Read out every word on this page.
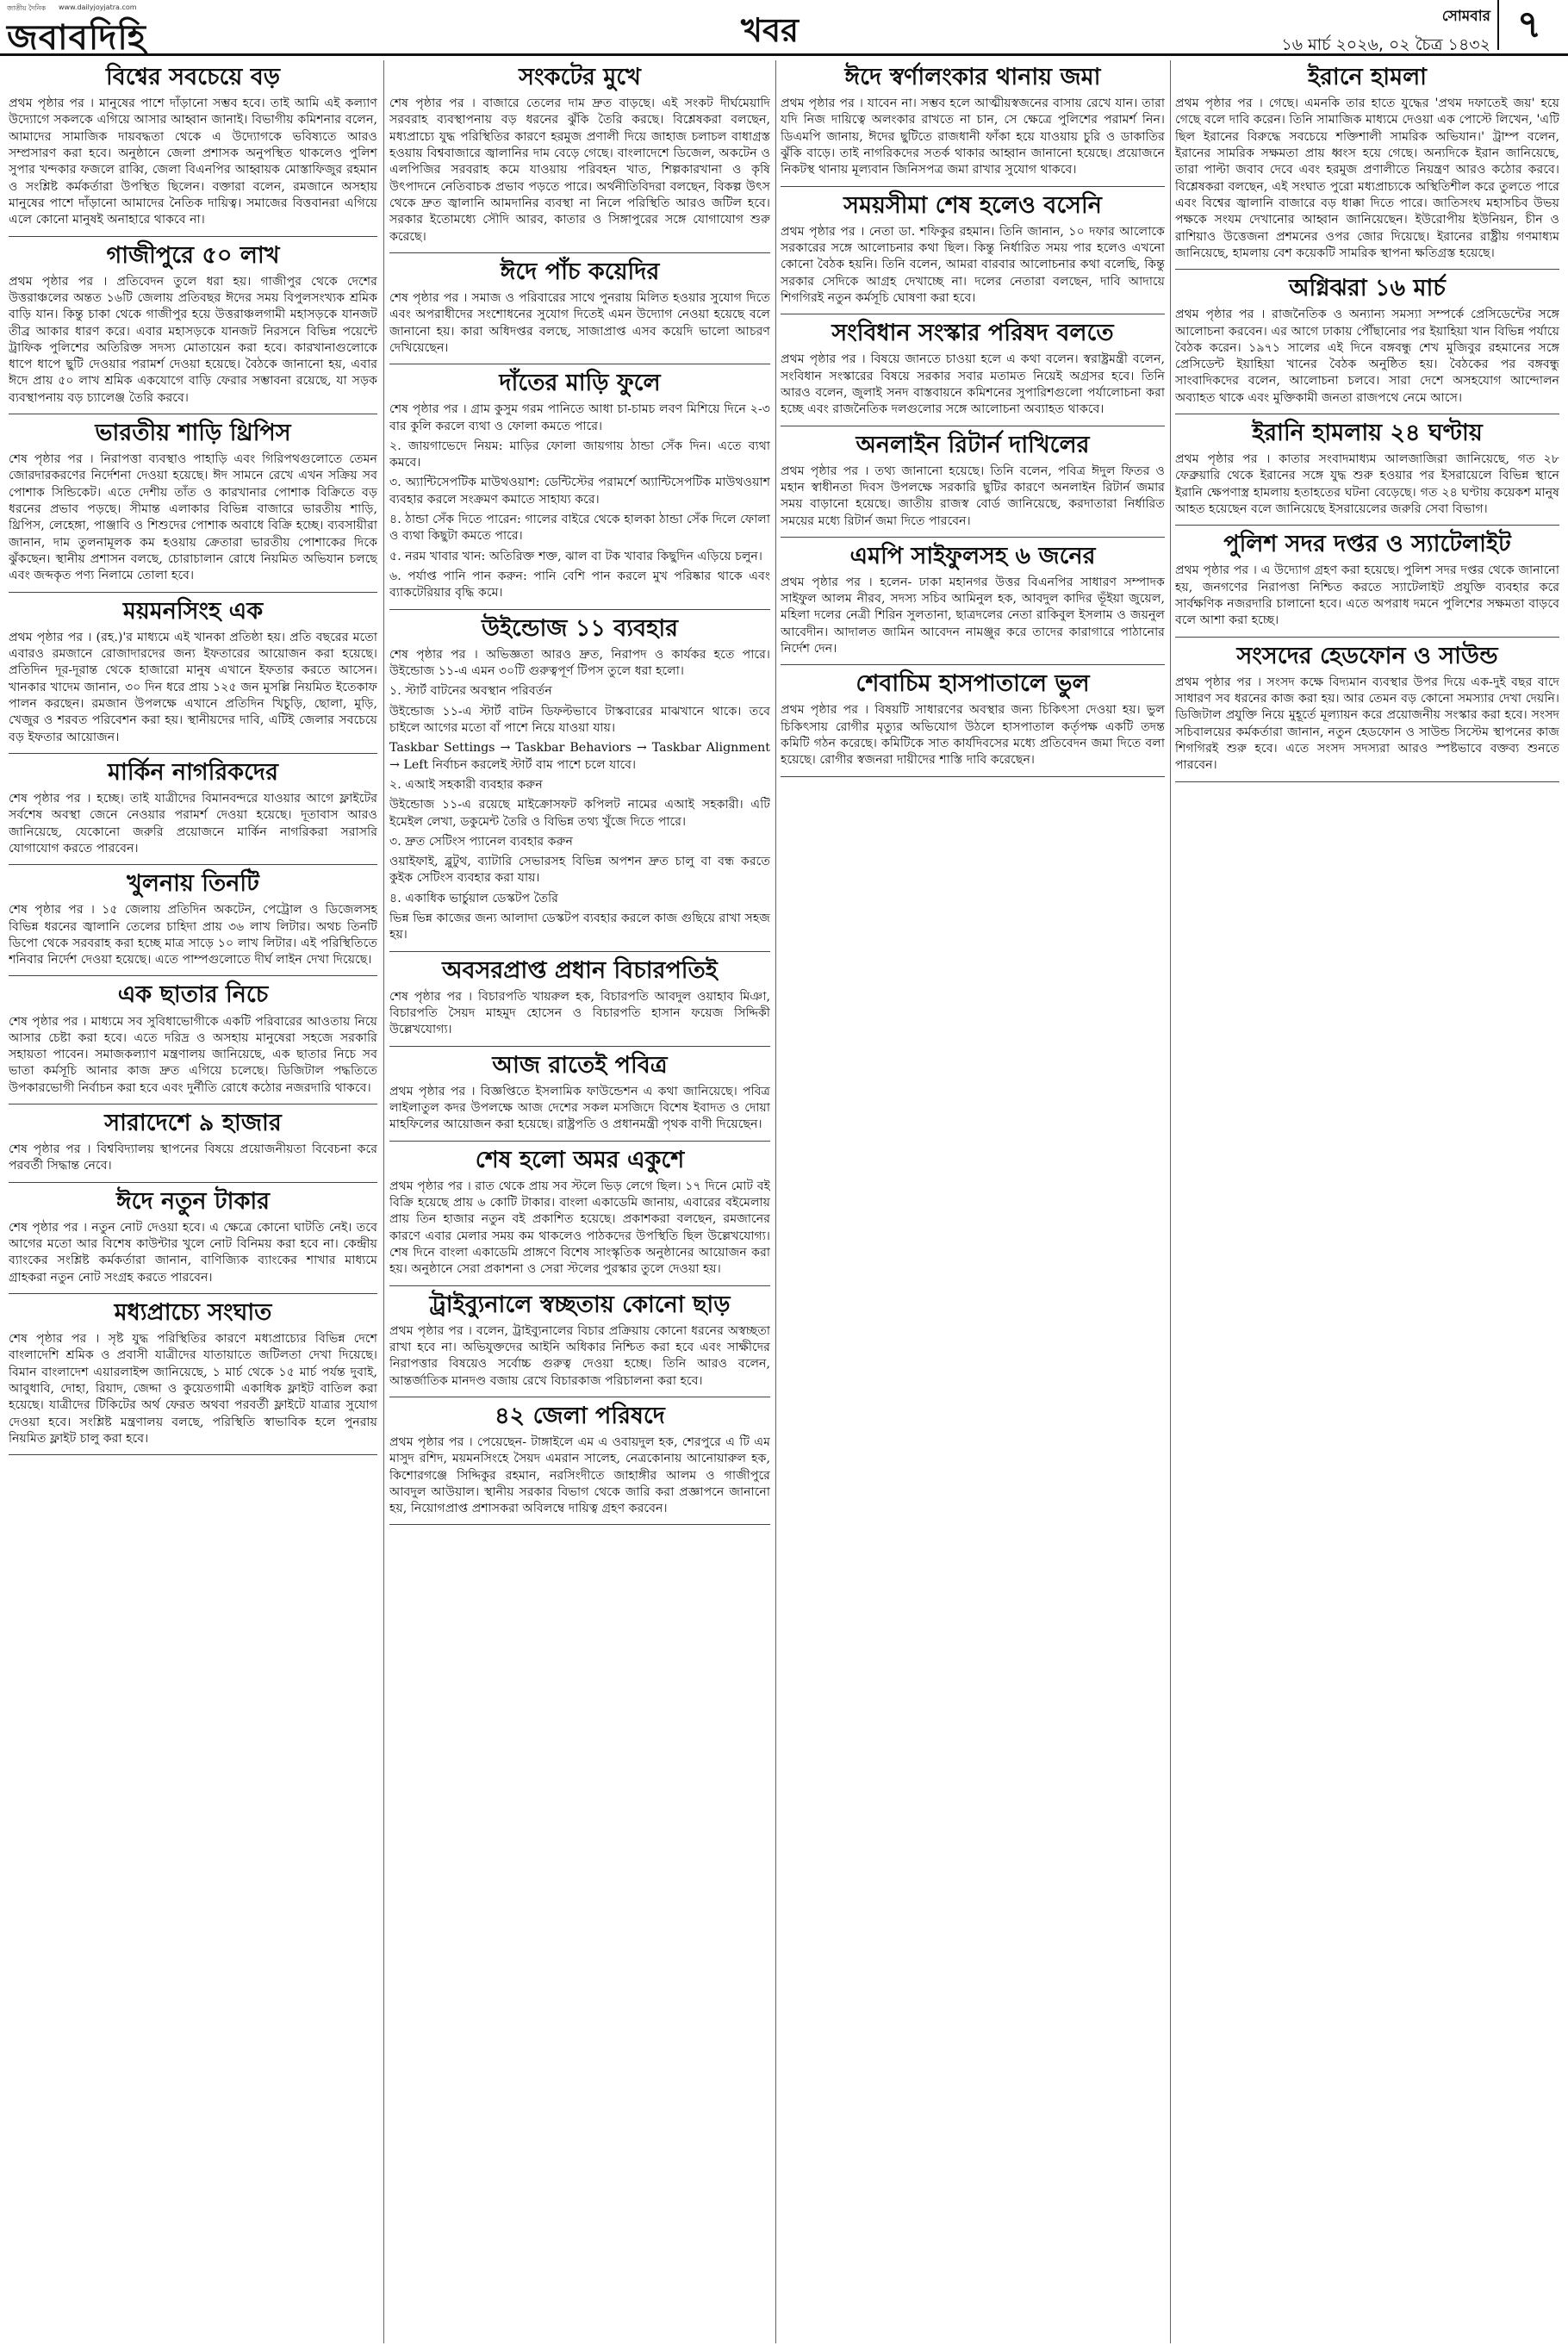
জাতীয় দৈনিক www.dailyjoyjatra.com
জবাবদিহি	খবর	সোমবার
১৬ মার্চ ২০২৬, ০২ চৈত্র ১৪৩২ ৭
বিশ্বের সবচেয়ে বড়

প্রথম পৃষ্ঠার পর । মানুষের পাশে দাঁড়ানো সম্ভব হবে। তাই আমি এই কল্যাণ উদ্যোগে সকলকে এগিয়ে আসার আহ্বান জানাই। বিভাগীয় কমিশনার বলেন, আমাদের সামাজিক দায়বদ্ধতা থেকে এ উদ্যোগকে ভবিষ্যতে আরও সম্প্রসারণ করা হবে। অনুষ্ঠানে জেলা প্রশাসক অনুপস্থিত থাকলেও পুলিশ সুপার খন্দকার ফজলে রাব্বি, জেলা বিএনপির আহ্বায়ক মোস্তাফিজুর রহমান ও সংশ্লিষ্ট কর্মকর্তারা উপস্থিত ছিলেন। বক্তারা বলেন, রমজানে অসহায় মানুষের পাশে দাঁড়ানো আমাদের নৈতিক দায়িত্ব। সমাজের বিত্তবানরা এগিয়ে এলে কোনো মানুষই অনাহারে থাকবে না।

গাজীপুরে ৫০ লাখ

প্রথম পৃষ্ঠার পর । প্রতিবেদন তুলে ধরা হয়। গাজীপুর থেকে দেশের উত্তরাঞ্চলের অন্তত ১৬টি জেলায় প্রতিবছর ঈদের সময় বিপুলসংখ্যক শ্রমিক বাড়ি যান। কিন্তু চাকা থেকে গাজীপুর হয়ে উত্তরাঞ্চলগামী মহাসড়কে যানজট তীব্র আকার ধারণ করে। এবার মহাসড়কে যানজট নিরসনে বিভিন্ন পয়েন্টে ট্রাফিক পুলিশের অতিরিক্ত সদস্য মোতায়েন করা হবে। কারখানাগুলোকে ধাপে ধাপে ছুটি দেওয়ার পরামর্শ দেওয়া হয়েছে। বৈঠকে জানানো হয়, এবার ঈদে প্রায় ৫০ লাখ শ্রমিক একযোগে বাড়ি ফেরার সম্ভাবনা রয়েছে, যা সড়ক ব্যবস্থাপনায় বড় চ্যালেঞ্জ তৈরি করবে।

ভারতীয় শাড়ি থ্রিপিস

শেষ পৃষ্ঠার পর । নিরাপত্তা ব্যবস্থাও পাহাড়ি এবং গিরিপথগুলোতে তেমন জোরদারকরণের নির্দেশনা দেওয়া হয়েছে। ঈদ সামনে রেখে এখন সক্রিয় সব পোশাক সিন্ডিকেট। এতে দেশীয় তাঁত ও কারখানার পোশাক বিক্রিতে বড় ধরনের প্রভাব পড়ছে। সীমান্ত এলাকার বিভিন্ন বাজারে ভারতীয় শাড়ি, থ্রিপিস, লেহেঙ্গা, পাঞ্জাবি ও শিশুদের পোশাক অবাধে বিক্রি হচ্ছে। ব্যবসায়ীরা জানান, দাম তুলনামূলক কম হওয়ায় ক্রেতারা ভারতীয় পোশাকের দিকে ঝুঁকছেন। স্থানীয় প্রশাসন বলছে, চোরাচালান রোধে নিয়মিত অভিযান চলছে এবং জব্দকৃত পণ্য নিলামে তোলা হবে।

ময়মনসিংহ এক

প্রথম পৃষ্ঠার পর । (রহ.)'র মাধ্যমে এই খানকা প্রতিষ্ঠা হয়। প্রতি বছরের মতো এবারও রমজানে রোজাদারদের জন্য ইফতারের আয়োজন করা হয়েছে। প্রতিদিন দূর-দূরান্ত থেকে হাজারো মানুষ এখানে ইফতার করতে আসেন। খানকার খাদেম জানান, ৩০ দিন ধরে প্রায় ১২৫ জন মুসল্লি নিয়মিত ইতেকাফ পালন করছেন। রমজান উপলক্ষে এখানে প্রতিদিন খিচুড়ি, ছোলা, মুড়ি, খেজুর ও শরবত পরিবেশন করা হয়। স্থানীয়দের দাবি, এটিই জেলার সবচেয়ে বড় ইফতার আয়োজন।

মার্কিন নাগরিকদের

শেষ পৃষ্ঠার পর । হচ্ছে। তাই যাত্রীদের বিমানবন্দরে যাওয়ার আগে ফ্লাইটের সর্বশেষ অবস্থা জেনে নেওয়ার পরামর্শ দেওয়া হয়েছে। দূতাবাস আরও জানিয়েছে, যেকোনো জরুরি প্রয়োজনে মার্কিন নাগরিকরা সরাসরি যোগাযোগ করতে পারবেন।

খুলনায় তিনটি

শেষ পৃষ্ঠার পর । ১৫ জেলায় প্রতিদিন অকটেন, পেট্রোল ও ডিজেলসহ বিভিন্ন ধরনের জ্বালানি তেলের চাহিদা প্রায় ৩৬ লাখ লিটার। অথচ তিনটি ডিপো থেকে সরবরাহ করা হচ্ছে মাত্র সাড়ে ১০ লাখ লিটার। এই পরিস্থিতিতে শনিবার নির্দেশ দেওয়া হয়েছে। এতে পাম্পগুলোতে দীর্ঘ লাইন দেখা দিয়েছে।

এক ছাতার নিচে

শেষ পৃষ্ঠার পর । মাধ্যমে সব সুবিধাভোগীকে একটি পরিবারের আওতায় নিয়ে আসার চেষ্টা করা হবে। এতে দরিদ্র ও অসহায় মানুষেরা সহজে সরকারি সহায়তা পাবেন। সমাজকল্যাণ মন্ত্রণালয় জানিয়েছে, এক ছাতার নিচে সব ভাতা কর্মসূচি আনার কাজ দ্রুত এগিয়ে চলেছে। ডিজিটাল পদ্ধতিতে উপকারভোগী নির্বাচন করা হবে এবং দুর্নীতি রোধে কঠোর নজরদারি থাকবে।

সারাদেশে ৯ হাজার

শেষ পৃষ্ঠার পর । বিশ্ববিদ্যালয় স্থাপনের বিষয়ে প্রয়োজনীয়তা বিবেচনা করে পরবর্তী সিদ্ধান্ত নেবে।

ঈদে নতুন টাকার

শেষ পৃষ্ঠার পর । নতুন নোট দেওয়া হবে। এ ক্ষেত্রে কোনো ঘাটতি নেই। তবে আগের মতো আর বিশেষ কাউন্টার খুলে নোট বিনিময় করা হবে না। কেন্দ্রীয় ব্যাংকের সংশ্লিষ্ট কর্মকর্তারা জানান, বাণিজ্যিক ব্যাংকের শাখার মাধ্যমে গ্রাহকরা নতুন নোট সংগ্রহ করতে পারবেন।

মধ্যপ্রাচ্যে সংঘাত

শেষ পৃষ্ঠার পর । সৃষ্ট যুদ্ধ পরিস্থিতির কারণে মধ্যপ্রাচ্যের বিভিন্ন দেশে বাংলাদেশি শ্রমিক ও প্রবাসী যাত্রীদের যাতায়াতে জটিলতা দেখা দিয়েছে। বিমান বাংলাদেশ এয়ারলাইন্স জানিয়েছে, ১ মার্চ থেকে ১৫ মার্চ পর্যন্ত দুবাই, আবুধাবি, দোহা, রিয়াদ, জেদ্দা ও কুয়েতগামী একাধিক ফ্লাইট বাতিল করা হয়েছে। যাত্রীদের টিকিটের অর্থ ফেরত অথবা পরবর্তী ফ্লাইটে যাত্রার সুযোগ দেওয়া হবে। সংশ্লিষ্ট মন্ত্রণালয় বলছে, পরিস্থিতি স্বাভাবিক হলে পুনরায় নিয়মিত ফ্লাইট চালু করা হবে।

সংকটের মুখে

শেষ পৃষ্ঠার পর । বাজারে তেলের দাম দ্রুত বাড়ছে। এই সংকট দীর্ঘমেয়াদি সরবরাহ ব্যবস্থাপনায় বড় ধরনের ঝুঁকি তৈরি করছে। বিশ্লেষকরা বলছেন, মধ্যপ্রাচ্যে যুদ্ধ পরিস্থিতির কারণে হরমুজ প্রণালী দিয়ে জাহাজ চলাচল বাধাগ্রস্ত হওয়ায় বিশ্ববাজারে জ্বালানির দাম বেড়ে গেছে। বাংলাদেশে ডিজেল, অকটেন ও এলপিজির সরবরাহ কমে যাওয়ায় পরিবহন খাত, শিল্পকারখানা ও কৃষি উৎপাদনে নেতিবাচক প্রভাব পড়তে পারে। অর্থনীতিবিদরা বলছেন, বিকল্প উৎস থেকে দ্রুত জ্বালানি আমদানির ব্যবস্থা না নিলে পরিস্থিতি আরও জটিল হবে। সরকার ইতোমধ্যে সৌদি আরব, কাতার ও সিঙ্গাপুরের সঙ্গে যোগাযোগ শুরু করেছে।

ঈদে পাঁচ কয়েদির

শেষ পৃষ্ঠার পর । সমাজ ও পরিবারের সাথে পুনরায় মিলিত হওয়ার সুযোগ দিতে এবং অপরাধীদের সংশোধনের সুযোগ দিতেই এমন উদ্যোগ নেওয়া হয়েছে বলে জানানো হয়। কারা অধিদপ্তর বলছে, সাজাপ্রাপ্ত এসব কয়েদি ভালো আচরণ দেখিয়েছেন।

দাঁতের মাড়ি ফুলে

শেষ পৃষ্ঠার পর । গ্রাম কুসুম গরম পানিতে আধা চা-চামচ লবণ মিশিয়ে দিনে ২-৩ বার কুলি করলে ব্যথা ও ফোলা কমতে পারে।

২. জায়গাভেদে নিয়ম: মাড়ির ফোলা জায়গায় ঠান্ডা সেঁক দিন। এতে ব্যথা কমবে।

৩. অ্যান্টিসেপটিক মাউথওয়াশ: ডেন্টিস্টের পরামর্শে অ্যান্টিসেপটিক মাউথওয়াশ ব্যবহার করলে সংক্রমণ কমাতে সাহায্য করে।

৪. ঠান্ডা সেঁক দিতে পারেন: গালের বাইরে থেকে হালকা ঠান্ডা সেঁক দিলে ফোলা ও ব্যথা কিছুটা কমতে পারে।

৫. নরম খাবার খান: অতিরিক্ত শক্ত, ঝাল বা টক খাবার কিছুদিন এড়িয়ে চলুন।

৬. পর্যাপ্ত পানি পান করুন: পানি বেশি পান করলে মুখ পরিষ্কার থাকে এবং ব্যাকটেরিয়ার বৃদ্ধি কমে।

উইন্ডোজ ১১ ব্যবহার

শেষ পৃষ্ঠার পর । অভিজ্ঞতা আরও দ্রুত, নিরাপদ ও কার্যকর হতে পারে। উইন্ডোজ ১১-এ এমন ৩০টি গুরুত্বপূর্ণ টিপস তুলে ধরা হলো।

১. স্টার্ট বাটনের অবস্থান পরিবর্তন

উইন্ডোজ ১১-এ স্টার্ট বাটন ডিফল্টভাবে টাস্কবারের মাঝখানে থাকে। তবে চাইলে আগের মতো বাঁ পাশে নিয়ে যাওয়া যায়।

Taskbar Settings → Taskbar Behaviors → Taskbar Alignment → Left নির্বাচন করলেই স্টার্ট বাম পাশে চলে যাবে।

২. এআই সহকারী ব্যবহার করুন

উইন্ডোজ ১১-এ রয়েছে মাইক্রোসফট কপিলট নামের এআই সহকারী। এটি ইমেইল লেখা, ডকুমেন্ট তৈরি ও বিভিন্ন তথ্য খুঁজে দিতে পারে।

৩. দ্রুত সেটিংস প্যানেল ব্যবহার করুন

ওয়াইফাই, ব্লুটুথ, ব্যাটারি সেভারসহ বিভিন্ন অপশন দ্রুত চালু বা বন্ধ করতে কুইক সেটিংস ব্যবহার করা যায়।

৪. একাধিক ভার্চুয়াল ডেস্কটপ তৈরি

ভিন্ন ভিন্ন কাজের জন্য আলাদা ডেস্কটপ ব্যবহার করলে কাজ গুছিয়ে রাখা সহজ হয়।

অবসরপ্রাপ্ত প্রধান বিচারপতিই

শেষ পৃষ্ঠার পর । বিচারপতি খায়রুল হক, বিচারপতি আবদুল ওয়াহাব মিঞা, বিচারপতি সৈয়দ মাহমুদ হোসেন ও বিচারপতি হাসান ফয়েজ সিদ্দিকী উল্লেখযোগ্য।

আজ রাতেই পবিত্র

প্রথম পৃষ্ঠার পর । বিজ্ঞপ্তিতে ইসলামিক ফাউন্ডেশন এ কথা জানিয়েছে। পবিত্র লাইলাতুল কদর উপলক্ষে আজ দেশের সকল মসজিদে বিশেষ ইবাদত ও দোয়া মাহফিলের আয়োজন করা হয়েছে। রাষ্ট্রপতি ও প্রধানমন্ত্রী পৃথক বাণী দিয়েছেন।

শেষ হলো অমর একুশে

প্রথম পৃষ্ঠার পর । রাত থেকে প্রায় সব স্টলে ভিড় লেগে ছিল। ১৭ দিনে মোট বই বিক্রি হয়েছে প্রায় ৬ কোটি টাকার। বাংলা একাডেমি জানায়, এবারের বইমেলায় প্রায় তিন হাজার নতুন বই প্রকাশিত হয়েছে। প্রকাশকরা বলছেন, রমজানের কারণে এবার মেলার সময় কম থাকলেও পাঠকদের উপস্থিতি ছিল উল্লেখযোগ্য। শেষ দিনে বাংলা একাডেমি প্রাঙ্গণে বিশেষ সাংস্কৃতিক অনুষ্ঠানের আয়োজন করা হয়। অনুষ্ঠানে সেরা প্রকাশনা ও সেরা স্টলের পুরস্কার তুলে দেওয়া হয়।

ট্রাইব্যুনালে স্বচ্ছতায় কোনো ছাড়

প্রথম পৃষ্ঠার পর । বলেন, ট্রাইব্যুনালের বিচার প্রক্রিয়ায় কোনো ধরনের অস্বচ্ছতা রাখা হবে না। অভিযুক্তদের আইনি অধিকার নিশ্চিত করা হবে এবং সাক্ষীদের নিরাপত্তার বিষয়েও সর্বোচ্চ গুরুত্ব দেওয়া হচ্ছে। তিনি আরও বলেন, আন্তর্জাতিক মানদণ্ড বজায় রেখে বিচারকাজ পরিচালনা করা হবে।

৪২ জেলা পরিষদে

প্রথম পৃষ্ঠার পর । পেয়েছেন- টাঙ্গাইলে এম এ ওবায়দুল হক, শেরপুরে এ টি এম মাসুদ রশিদ, ময়মনসিংহে সৈয়দ এমরান সালেহ, নেত্রকোনায় আনোয়ারুল হক, কিশোরগঞ্জে সিদ্দিকুর রহমান, নরসিংদীতে জাহাঙ্গীর আলম ও গাজীপুরে আবদুল আউয়াল। স্থানীয় সরকার বিভাগ থেকে জারি করা প্রজ্ঞাপনে জানানো হয়, নিয়োগপ্রাপ্ত প্রশাসকরা অবিলম্বে দায়িত্ব গ্রহণ করবেন।

ঈদে স্বর্ণালংকার থানায় জমা

প্রথম পৃষ্ঠার পর । যাবেন না। সম্ভব হলে আত্মীয়স্বজনের বাসায় রেখে যান। তারা যদি নিজ দায়িত্বে অলংকার রাখতে না চান, সে ক্ষেত্রে পুলিশের পরামর্শ নিন। ডিএমপি জানায়, ঈদের ছুটিতে রাজধানী ফাঁকা হয়ে যাওয়ায় চুরি ও ডাকাতির ঝুঁকি বাড়ে। তাই নাগরিকদের সতর্ক থাকার আহ্বান জানানো হয়েছে। প্রয়োজনে নিকটস্থ থানায় মূল্যবান জিনিসপত্র জমা রাখার সুযোগ থাকবে।

সময়সীমা শেষ হলেও বসেনি

প্রথম পৃষ্ঠার পর । নেতা ডা. শফিকুর রহমান। তিনি জানান, ১০ দফার আলোকে সরকারের সঙ্গে আলোচনার কথা ছিল। কিন্তু নির্ধারিত সময় পার হলেও এখনো কোনো বৈঠক হয়নি। তিনি বলেন, আমরা বারবার আলোচনার কথা বলেছি, কিন্তু সরকার সেদিকে আগ্রহ দেখাচ্ছে না। দলের নেতারা বলছেন, দাবি আদায়ে শিগগিরই নতুন কর্মসূচি ঘোষণা করা হবে।

সংবিধান সংস্কার পরিষদ বলতে

প্রথম পৃষ্ঠার পর । বিষয়ে জানতে চাওয়া হলে এ কথা বলেন। স্বরাষ্ট্রমন্ত্রী বলেন, সংবিধান সংস্কারের বিষয়ে সরকার সবার মতামত নিয়েই অগ্রসর হবে। তিনি আরও বলেন, জুলাই সনদ বাস্তবায়নে কমিশনের সুপারিশগুলো পর্যালোচনা করা হচ্ছে এবং রাজনৈতিক দলগুলোর সঙ্গে আলোচনা অব্যাহত থাকবে।

অনলাইন রিটার্ন দাখিলের

প্রথম পৃষ্ঠার পর । তথ্য জানানো হয়েছে। তিনি বলেন, পবিত্র ঈদুল ফিতর ও মহান স্বাধীনতা দিবস উপলক্ষে সরকারি ছুটির কারণে অনলাইন রিটার্ন জমার সময় বাড়ানো হয়েছে। জাতীয় রাজস্ব বোর্ড জানিয়েছে, করদাতারা নির্ধারিত সময়ের মধ্যে রিটার্ন জমা দিতে পারবেন।

এমপি সাইফুলসহ ৬ জনের

প্রথম পৃষ্ঠার পর । হলেন- ঢাকা মহানগর উত্তর বিএনপির সাধারণ সম্পাদক সাইফুল আলম নীরব, সদস্য সচিব আমিনুল হক, আবদুল কাদির ভূঁইয়া জুয়েল, মহিলা দলের নেত্রী শিরিন সুলতানা, ছাত্রদলের নেতা রাকিবুল ইসলাম ও জয়নুল আবেদীন। আদালত জামিন আবেদন নামঞ্জুর করে তাদের কারাগারে পাঠানোর নির্দেশ দেন।

শেবাচিম হাসপাতালে ভুল

প্রথম পৃষ্ঠার পর । বিষয়টি সাধারণের অবস্থার জন্য চিকিৎসা দেওয়া হয়। ভুল চিকিৎসায় রোগীর মৃত্যুর অভিযোগ উঠলে হাসপাতাল কর্তৃপক্ষ একটি তদন্ত কমিটি গঠন করেছে। কমিটিকে সাত কার্যদিবসের মধ্যে প্রতিবেদন জমা দিতে বলা হয়েছে। রোগীর স্বজনরা দায়ীদের শাস্তি দাবি করেছেন।

ইরানে হামলা

প্রথম পৃষ্ঠার পর । গেছে। এমনকি তার হাতে যুদ্ধের 'প্রথম দফাতেই জয়' হয়ে গেছে বলে দাবি করেন। তিনি সামাজিক মাধ্যমে দেওয়া এক পোস্টে লিখেন, 'এটি ছিল ইরানের বিরুদ্ধে সবচেয়ে শক্তিশালী সামরিক অভিযান।' ট্রাম্প বলেন, ইরানের সামরিক সক্ষমতা প্রায় ধ্বংস হয়ে গেছে। অন্যদিকে ইরান জানিয়েছে, তারা পাল্টা জবাব দেবে এবং হরমুজ প্রণালীতে নিয়ন্ত্রণ আরও কঠোর করবে। বিশ্লেষকরা বলছেন, এই সংঘাত পুরো মধ্যপ্রাচ্যকে অস্থিতিশীল করে তুলতে পারে এবং বিশ্বের জ্বালানি বাজারে বড় ধাক্কা দিতে পারে। জাতিসংঘ মহাসচিব উভয় পক্ষকে সংযম দেখানোর আহ্বান জানিয়েছেন। ইউরোপীয় ইউনিয়ন, চীন ও রাশিয়াও উত্তেজনা প্রশমনের ওপর জোর দিয়েছে। ইরানের রাষ্ট্রীয় গণমাধ্যম জানিয়েছে, হামলায় বেশ কয়েকটি সামরিক স্থাপনা ক্ষতিগ্রস্ত হয়েছে।

অগ্নিঝরা ১৬ মার্চ

প্রথম পৃষ্ঠার পর । রাজনৈতিক ও অন্যান্য সমস্যা সম্পর্কে প্রেসিডেন্টের সঙ্গে আলোচনা করবেন। এর আগে ঢাকায় পৌঁছানোর পর ইয়াহিয়া খান বিভিন্ন পর্যায়ে বৈঠক করেন। ১৯৭১ সালের এই দিনে বঙ্গবন্ধু শেখ মুজিবুর রহমানের সঙ্গে প্রেসিডেন্ট ইয়াহিয়া খানের বৈঠক অনুষ্ঠিত হয়। বৈঠকের পর বঙ্গবন্ধু সাংবাদিকদের বলেন, আলোচনা চলবে। সারা দেশে অসহযোগ আন্দোলন অব্যাহত থাকে এবং মুক্তিকামী জনতা রাজপথে নেমে আসে।

ইরানি হামলায় ২৪ ঘণ্টায়

প্রথম পৃষ্ঠার পর । কাতার সংবাদমাধ্যম আলজাজিরা জানিয়েছে, গত ২৮ ফেব্রুয়ারি থেকে ইরানের সঙ্গে যুদ্ধ শুরু হওয়ার পর ইসরায়েলে বিভিন্ন স্থানে ইরানি ক্ষেপণাস্ত্র হামলায় হতাহতের ঘটনা বেড়েছে। গত ২৪ ঘণ্টায় কয়েকশ মানুষ আহত হয়েছেন বলে জানিয়েছে ইসরায়েলের জরুরি সেবা বিভাগ।

পুলিশ সদর দপ্তর ও স্যাটেলাইট

প্রথম পৃষ্ঠার পর । এ উদ্যোগ গ্রহণ করা হয়েছে। পুলিশ সদর দপ্তর থেকে জানানো হয়, জনগণের নিরাপত্তা নিশ্চিত করতে স্যাটেলাইট প্রযুক্তি ব্যবহার করে সার্বক্ষণিক নজরদারি চালানো হবে। এতে অপরাধ দমনে পুলিশের সক্ষমতা বাড়বে বলে আশা করা হচ্ছে।

সংসদের হেডফোন ও সাউন্ড

প্রথম পৃষ্ঠার পর । সংসদ কক্ষে বিদ্যমান ব্যবস্থার উপর দিয়ে এক-দুই বছর বাদে সাধারণ সব ধরনের কাজ করা হয়। আর তেমন বড় কোনো সমস্যার দেখা দেয়নি। ডিজিটাল প্রযুক্তি নিয়ে মুহূর্তে মূল্যায়ন করে প্রয়োজনীয় সংস্কার করা হবে। সংসদ সচিবালয়ের কর্মকর্তারা জানান, নতুন হেডফোন ও সাউন্ড সিস্টেম স্থাপনের কাজ শিগগিরই শুরু হবে। এতে সংসদ সদস্যরা আরও স্পষ্টভাবে বক্তব্য শুনতে পারবেন।
